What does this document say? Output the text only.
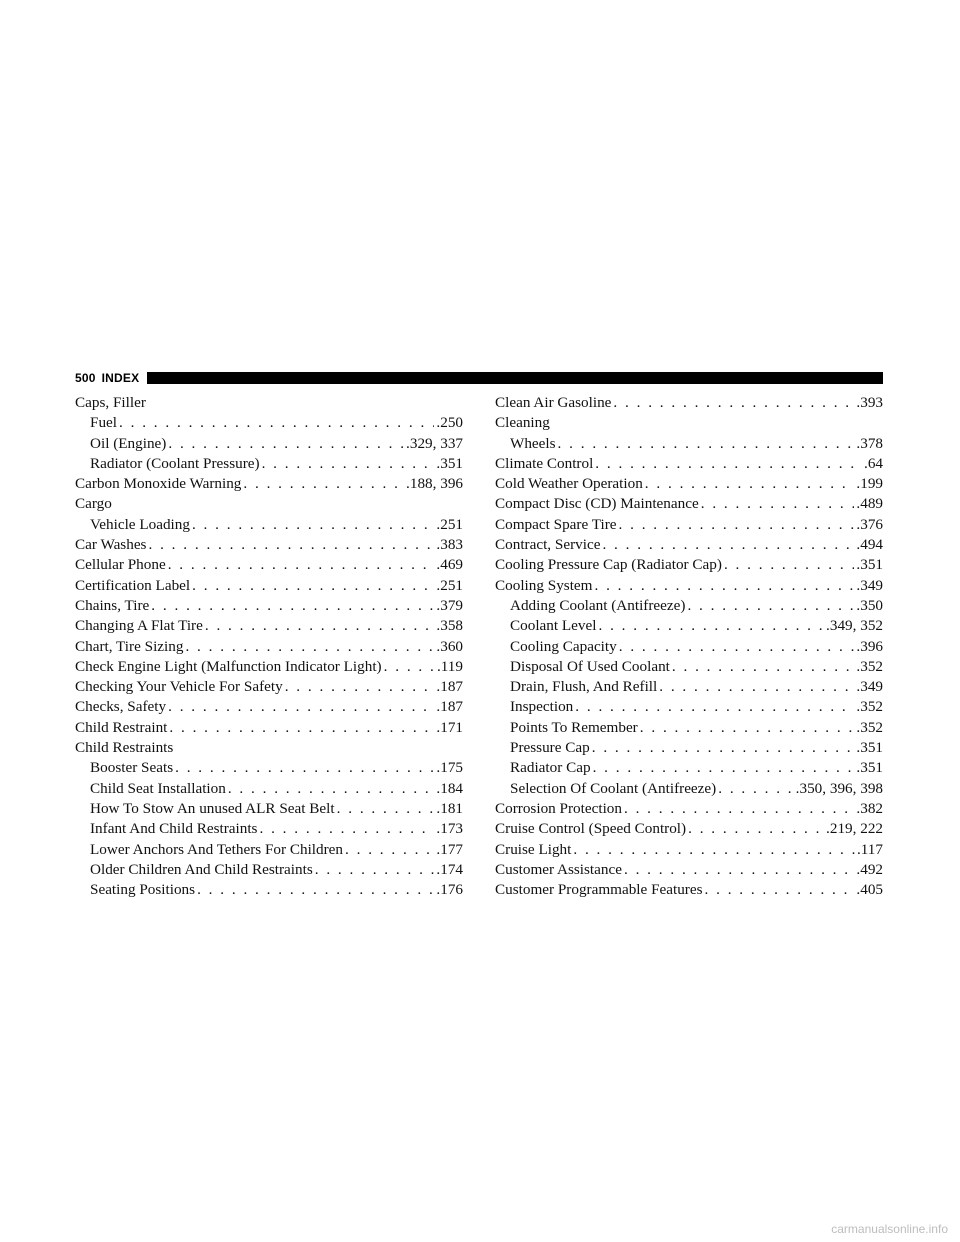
500 INDEX
Caps, Filler
Fuel . . .	.250
Oil (Engine) . . .	.329, 337
Radiator (Coolant Pressure) . . .	.351
Carbon Monoxide Warning . . .	.188, 396
Cargo
Vehicle Loading . . .	.251
Car Washes . . .	.383
Cellular Phone . . .	.469
Certification Label . . .	.251
Chains, Tire . . .	.379
Changing A Flat Tire . . .	.358
Chart, Tire Sizing . . .	.360
Check Engine Light (Malfunction Indicator Light) . . .	.119
Checking Your Vehicle For Safety . . .	.187
Checks, Safety . . .	.187
Child Restraint . . .	.171
Child Restraints
Booster Seats . . .	.175
Child Seat Installation . . .	.184
How To Stow An unused ALR Seat Belt . . .	.181
Infant And Child Restraints . . .	.173
Lower Anchors And Tethers For Children . . .	.177
Older Children And Child Restraints . . .	.174
Seating Positions . . .	.176
Clean Air Gasoline . . .	.393
Cleaning
Wheels . . .	.378
Climate Control . . .	.64
Cold Weather Operation . . .	.199
Compact Disc (CD) Maintenance . . .	.489
Compact Spare Tire . . .	.376
Contract, Service . . .	.494
Cooling Pressure Cap (Radiator Cap) . . .	.351
Cooling System . . .	.349
Adding Coolant (Antifreeze) . . .	.350
Coolant Level . . .	.349, 352
Cooling Capacity . . .	.396
Disposal Of Used Coolant . . .	.352
Drain, Flush, And Refill . . .	.349
Inspection . . .	.352
Points To Remember . . .	.352
Pressure Cap . . .	.351
Radiator Cap . . .	.351
Selection Of Coolant (Antifreeze) . . .	.350, 396, 398
Corrosion Protection . . .	.382
Cruise Control (Speed Control) . . .	.219, 222
Cruise Light . . .	.117
Customer Assistance . . .	.492
Customer Programmable Features . . .	.405
carmanualsonline.info
